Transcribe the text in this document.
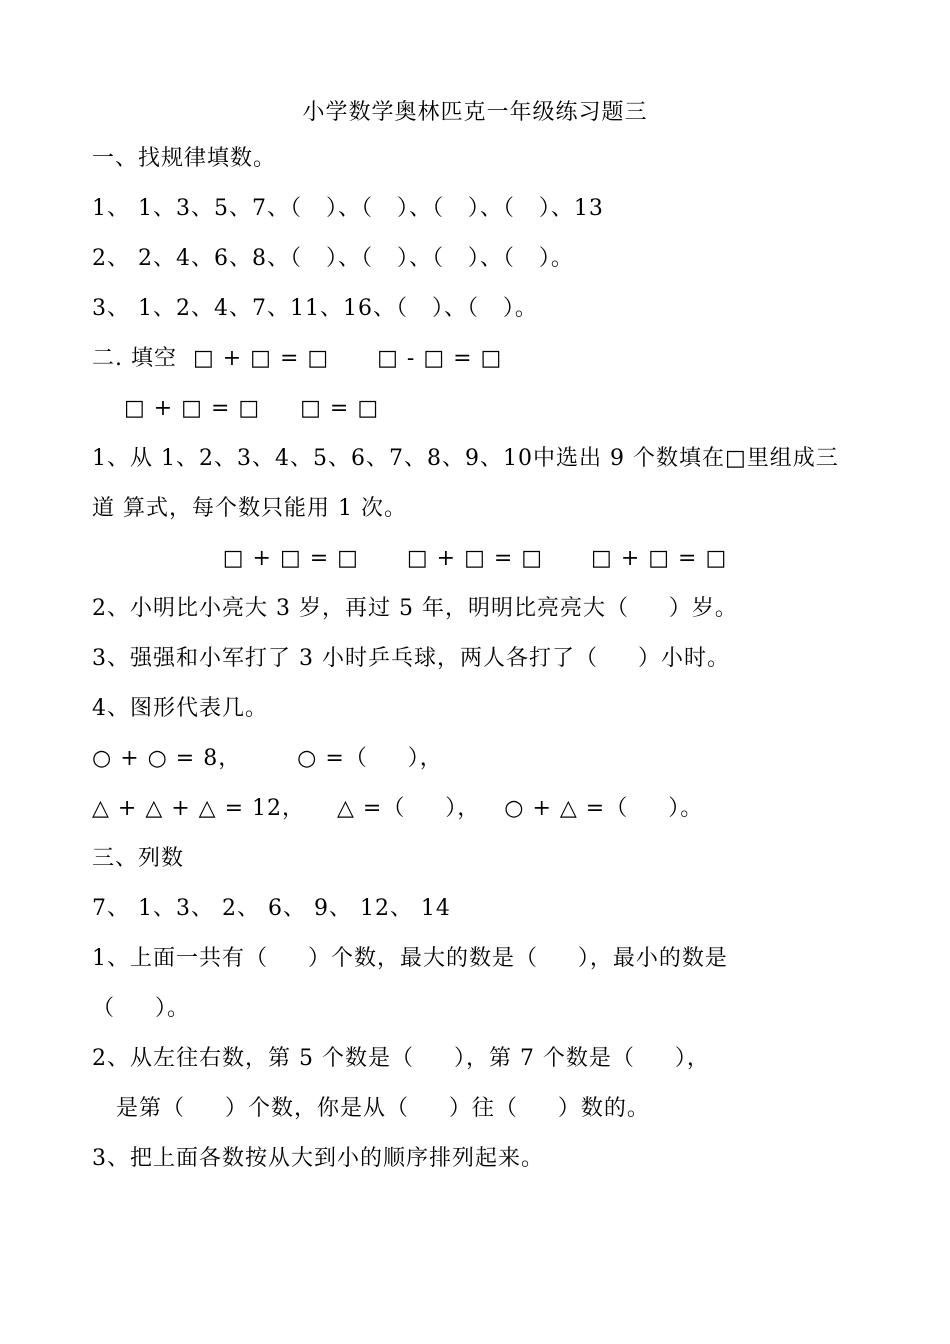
小学数学奥林匹克一年级练习题三
一、找规律填数。
1、 1、3、5、7、（   ）、（   ）、（   ）、（   ）、13
2、 2、4、6、8、（   ）、（   ）、（   ）、（   ）。
3、 1、2、4、7、11、16、（   ）、（   ）。
二. 填空  □ + □ = □      □ - □ = □
□ + □ = □     □ = □
1、从 1、2、3、4、5、6、7、8、9、10中选出 9 个数填在□里组成三
道 算式，每个数只能用 1 次。
□ + □ = □      □ + □ = □      □ + □ = □
2、小明比小亮大 3 岁，再过 5 年，明明比亮亮大（     ）岁。
3、强强和小军打了 3 小时乒乓球，两人各打了（     ）小时。
4、图形代表几。
○ + ○ = 8，       ○ =（     ），
△ + △ + △ = 12，    △ =（     ），   ○ + △ =（     ）。
三、列数
7、 1、3、 2、 6、 9、 12、 14
1、上面一共有（     ）个数，最大的数是（     ），最小的数是
（     ）。
2、从左往右数，第 5 个数是（     ），第 7 个数是（     ），
是第（     ）个数，你是从（     ）往（     ）数的。
3、把上面各数按从大到小的顺序排列起来。
